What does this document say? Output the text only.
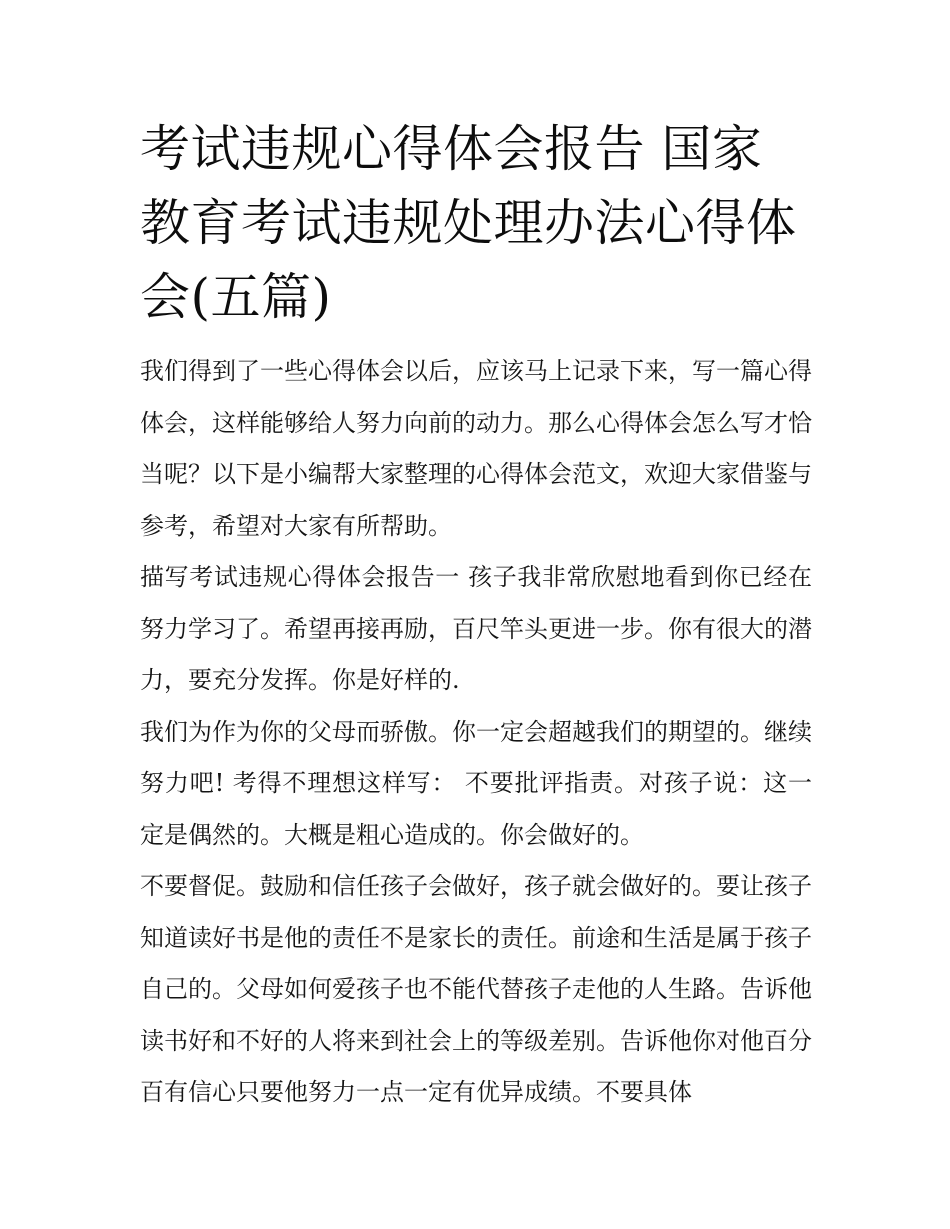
考试违规心得体会报告 国家教育考试违规处理办法心得体会(五篇)

我们得到了一些心得体会以后，应该马上记录下来，写一篇心得体会，这样能够给人努力向前的动力。那么心得体会怎么写才恰当呢？以下是小编帮大家整理的心得体会范文，欢迎大家借鉴与参考，希望对大家有所帮助。

描写考试违规心得体会报告一 孩子我非常欣慰地看到你已经在努力学习了。希望再接再励，百尺竿头更进一步。你有很大的潜力，要充分发挥。你是好样的.

我们为作为你的父母而骄傲。你一定会超越我们的期望的。继续努力吧! 考得不理想这样写： 不要批评指责。对孩子说：这一定是偶然的。大概是粗心造成的。你会做好的。

不要督促。鼓励和信任孩子会做好，孩子就会做好的。要让孩子知道读好书是他的责任不是家长的责任。前途和生活是属于孩子自己的。父母如何爱孩子也不能代替孩子走他的人生路。告诉他读书好和不好的人将来到社会上的等级差别。告诉他你对他百分百有信心只要他努力一点一定有优异成绩。不要具体
